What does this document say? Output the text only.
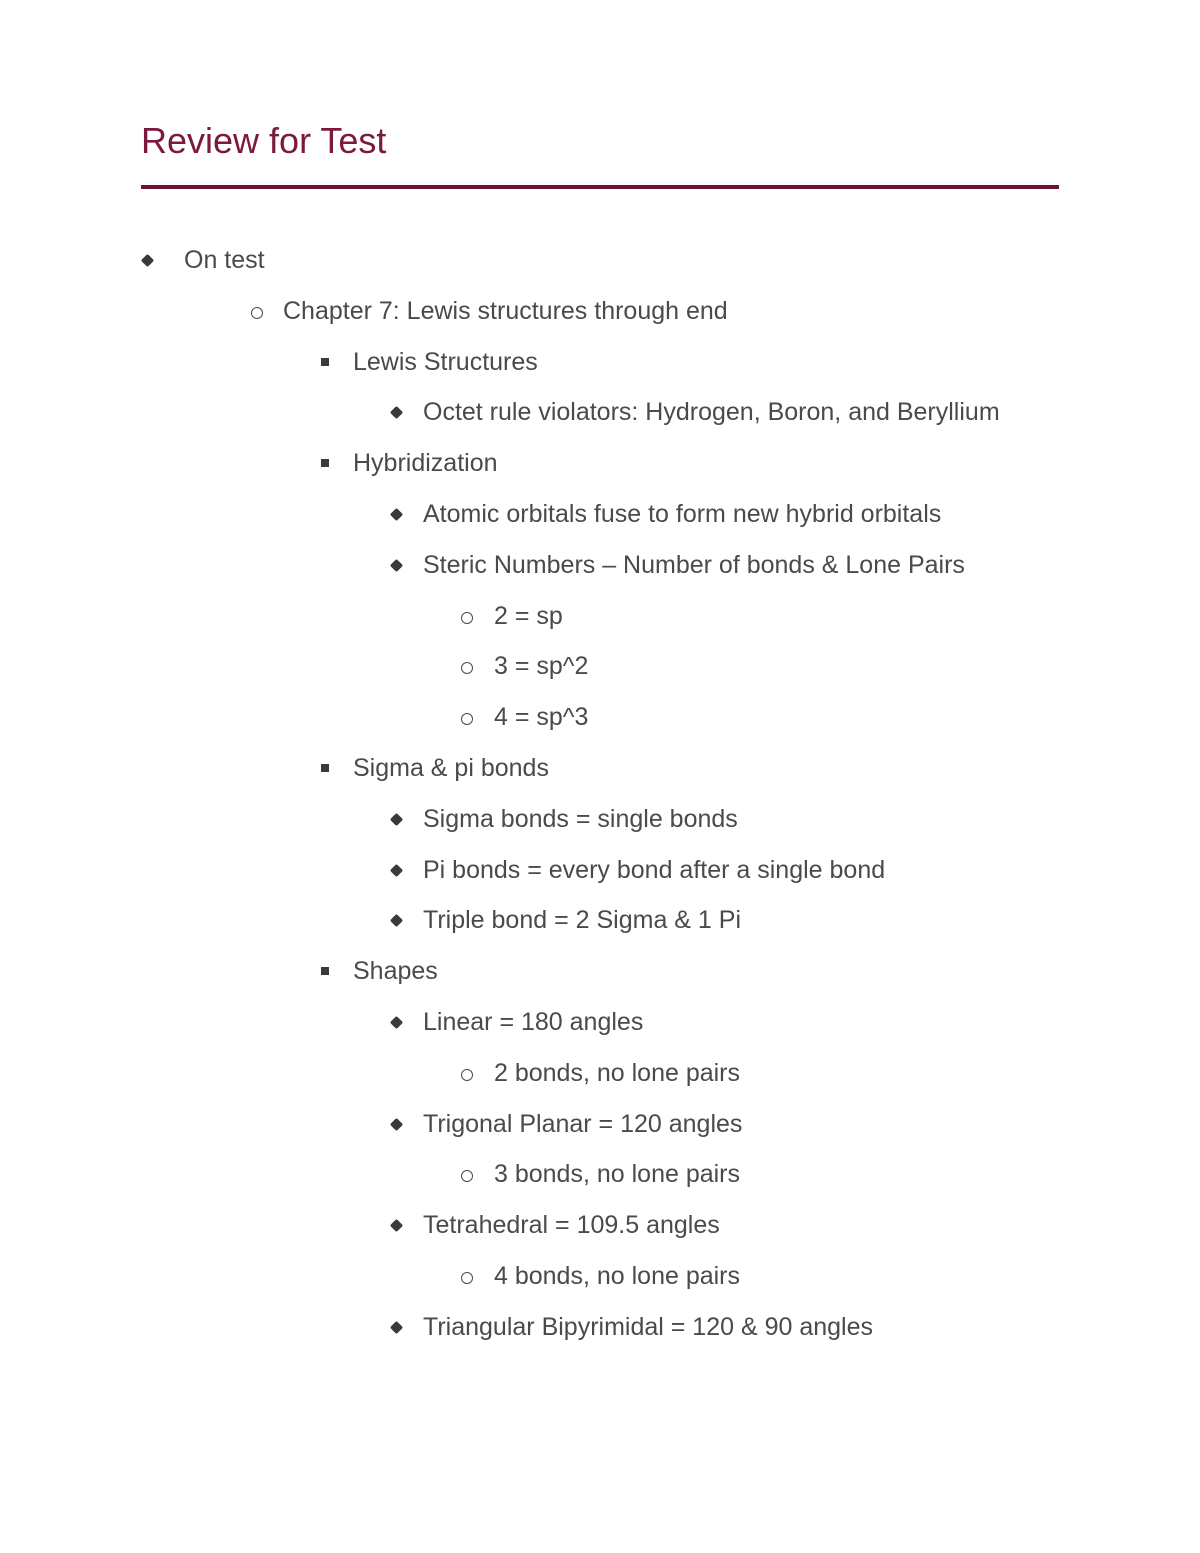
Review for Test
On test
Chapter 7: Lewis structures through end
Lewis Structures
Octet rule violators: Hydrogen, Boron, and Beryllium
Hybridization
Atomic orbitals fuse to form new hybrid orbitals
Steric Numbers – Number of bonds & Lone Pairs
2 = sp
3 = sp^2
4 = sp^3
Sigma & pi bonds
Sigma bonds = single bonds
Pi bonds = every bond after a single bond
Triple bond = 2 Sigma & 1 Pi
Shapes
Linear = 180 angles
2 bonds, no lone pairs
Trigonal Planar = 120 angles
3 bonds, no lone pairs
Tetrahedral = 109.5 angles
4 bonds, no lone pairs
Triangular Bipyrimidal = 120 & 90 angles
